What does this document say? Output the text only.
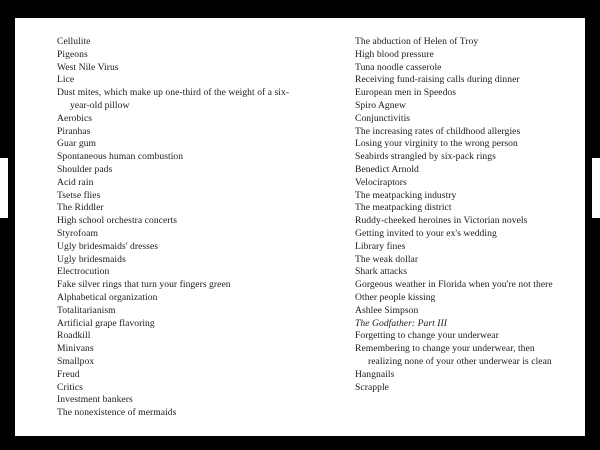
Cellulite
Pigeons
West Nile Virus
Lice
Dust mites, which make up one-third of the weight of a six-year-old pillow
Aerobics
Piranhas
Guar gum
Spontaneous human combustion
Shoulder pads
Acid rain
Tsetse flies
The Riddler
High school orchestra concerts
Styrofoam
Ugly bridesmaids' dresses
Ugly bridesmaids
Electrocution
Fake silver rings that turn your fingers green
Alphabetical organization
Totalitarianism
Artificial grape flavoring
Roadkill
Minivans
Smallpox
Freud
Critics
Investment bankers
The nonexistence of mermaids
The abduction of Helen of Troy
High blood pressure
Tuna noodle casserole
Receiving fund-raising calls during dinner
European men in Speedos
Spiro Agnew
Conjunctivitis
The increasing rates of childhood allergies
Losing your virginity to the wrong person
Seabirds strangled by six-pack rings
Benedict Arnold
Velociraptors
The meatpacking industry
The meatpacking district
Ruddy-cheeked heroines in Victorian novels
Getting invited to your ex's wedding
Library fines
The weak dollar
Shark attacks
Gorgeous weather in Florida when you're not there
Other people kissing
Ashlee Simpson
The Godfather: Part III
Forgetting to change your underwear
Remembering to change your underwear, then realizing none of your other underwear is clean
Hangnails
Scrapple
